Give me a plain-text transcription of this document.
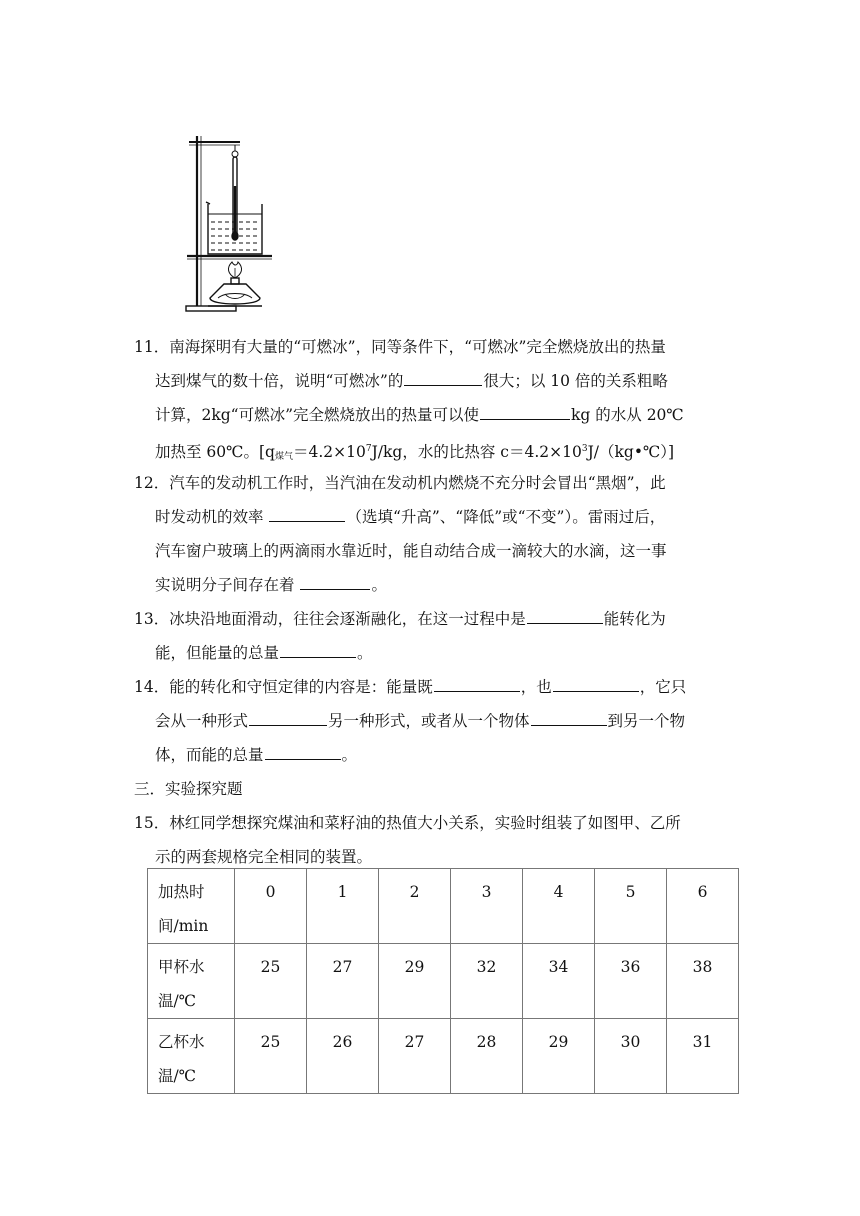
11．南海探明有大量的“可燃冰”，同等条件下，“可燃冰”完全燃烧放出的热量
达到煤气的数十倍，说明“可燃冰”的	很大；以 10 倍的关系粗略
计算，2kg“可燃冰”完全燃烧放出的热量可以使	kg 的水从 20℃
加热至 60℃。[$q_{煤气}=4.2\times 10^7J/kg$，水的比热容 $c=4.2\times 10^3J/(kg•℃)$]
12．汽车的发动机工作时，当汽油在发动机内燃烧不充分时会冒出“黑烟”，此
时发动机的效率	（选填“升高”、“降低”或“不变”）。雷雨过后，
汽车窗户玻璃上的两滴雨水靠近时，能自动结合成一滴较大的水滴，这一事
实说明分子间存在着	。
13．冰块沿地面滑动，往往会逐渐融化，在这一过程中是	能转化为
能，但能量的总量	。
14．能的转化和守恒定律的内容是：能量既	，也	，它只
会从一种形式	另一种形式，或者从一个物体	到另一个物
体，而能的总量	。
三．实验探究题
15．林红同学想探究煤油和菜籽油的热值大小关系，实验时组装了如图甲、乙所
示的两套规格完全相同的装置。
加热时
间/min	0	1	2	3	4	5	6
甲杯水
温/℃	25	27	29	32	34	36	38
乙杯水
温/℃	25	26	27	28	29	30	31
